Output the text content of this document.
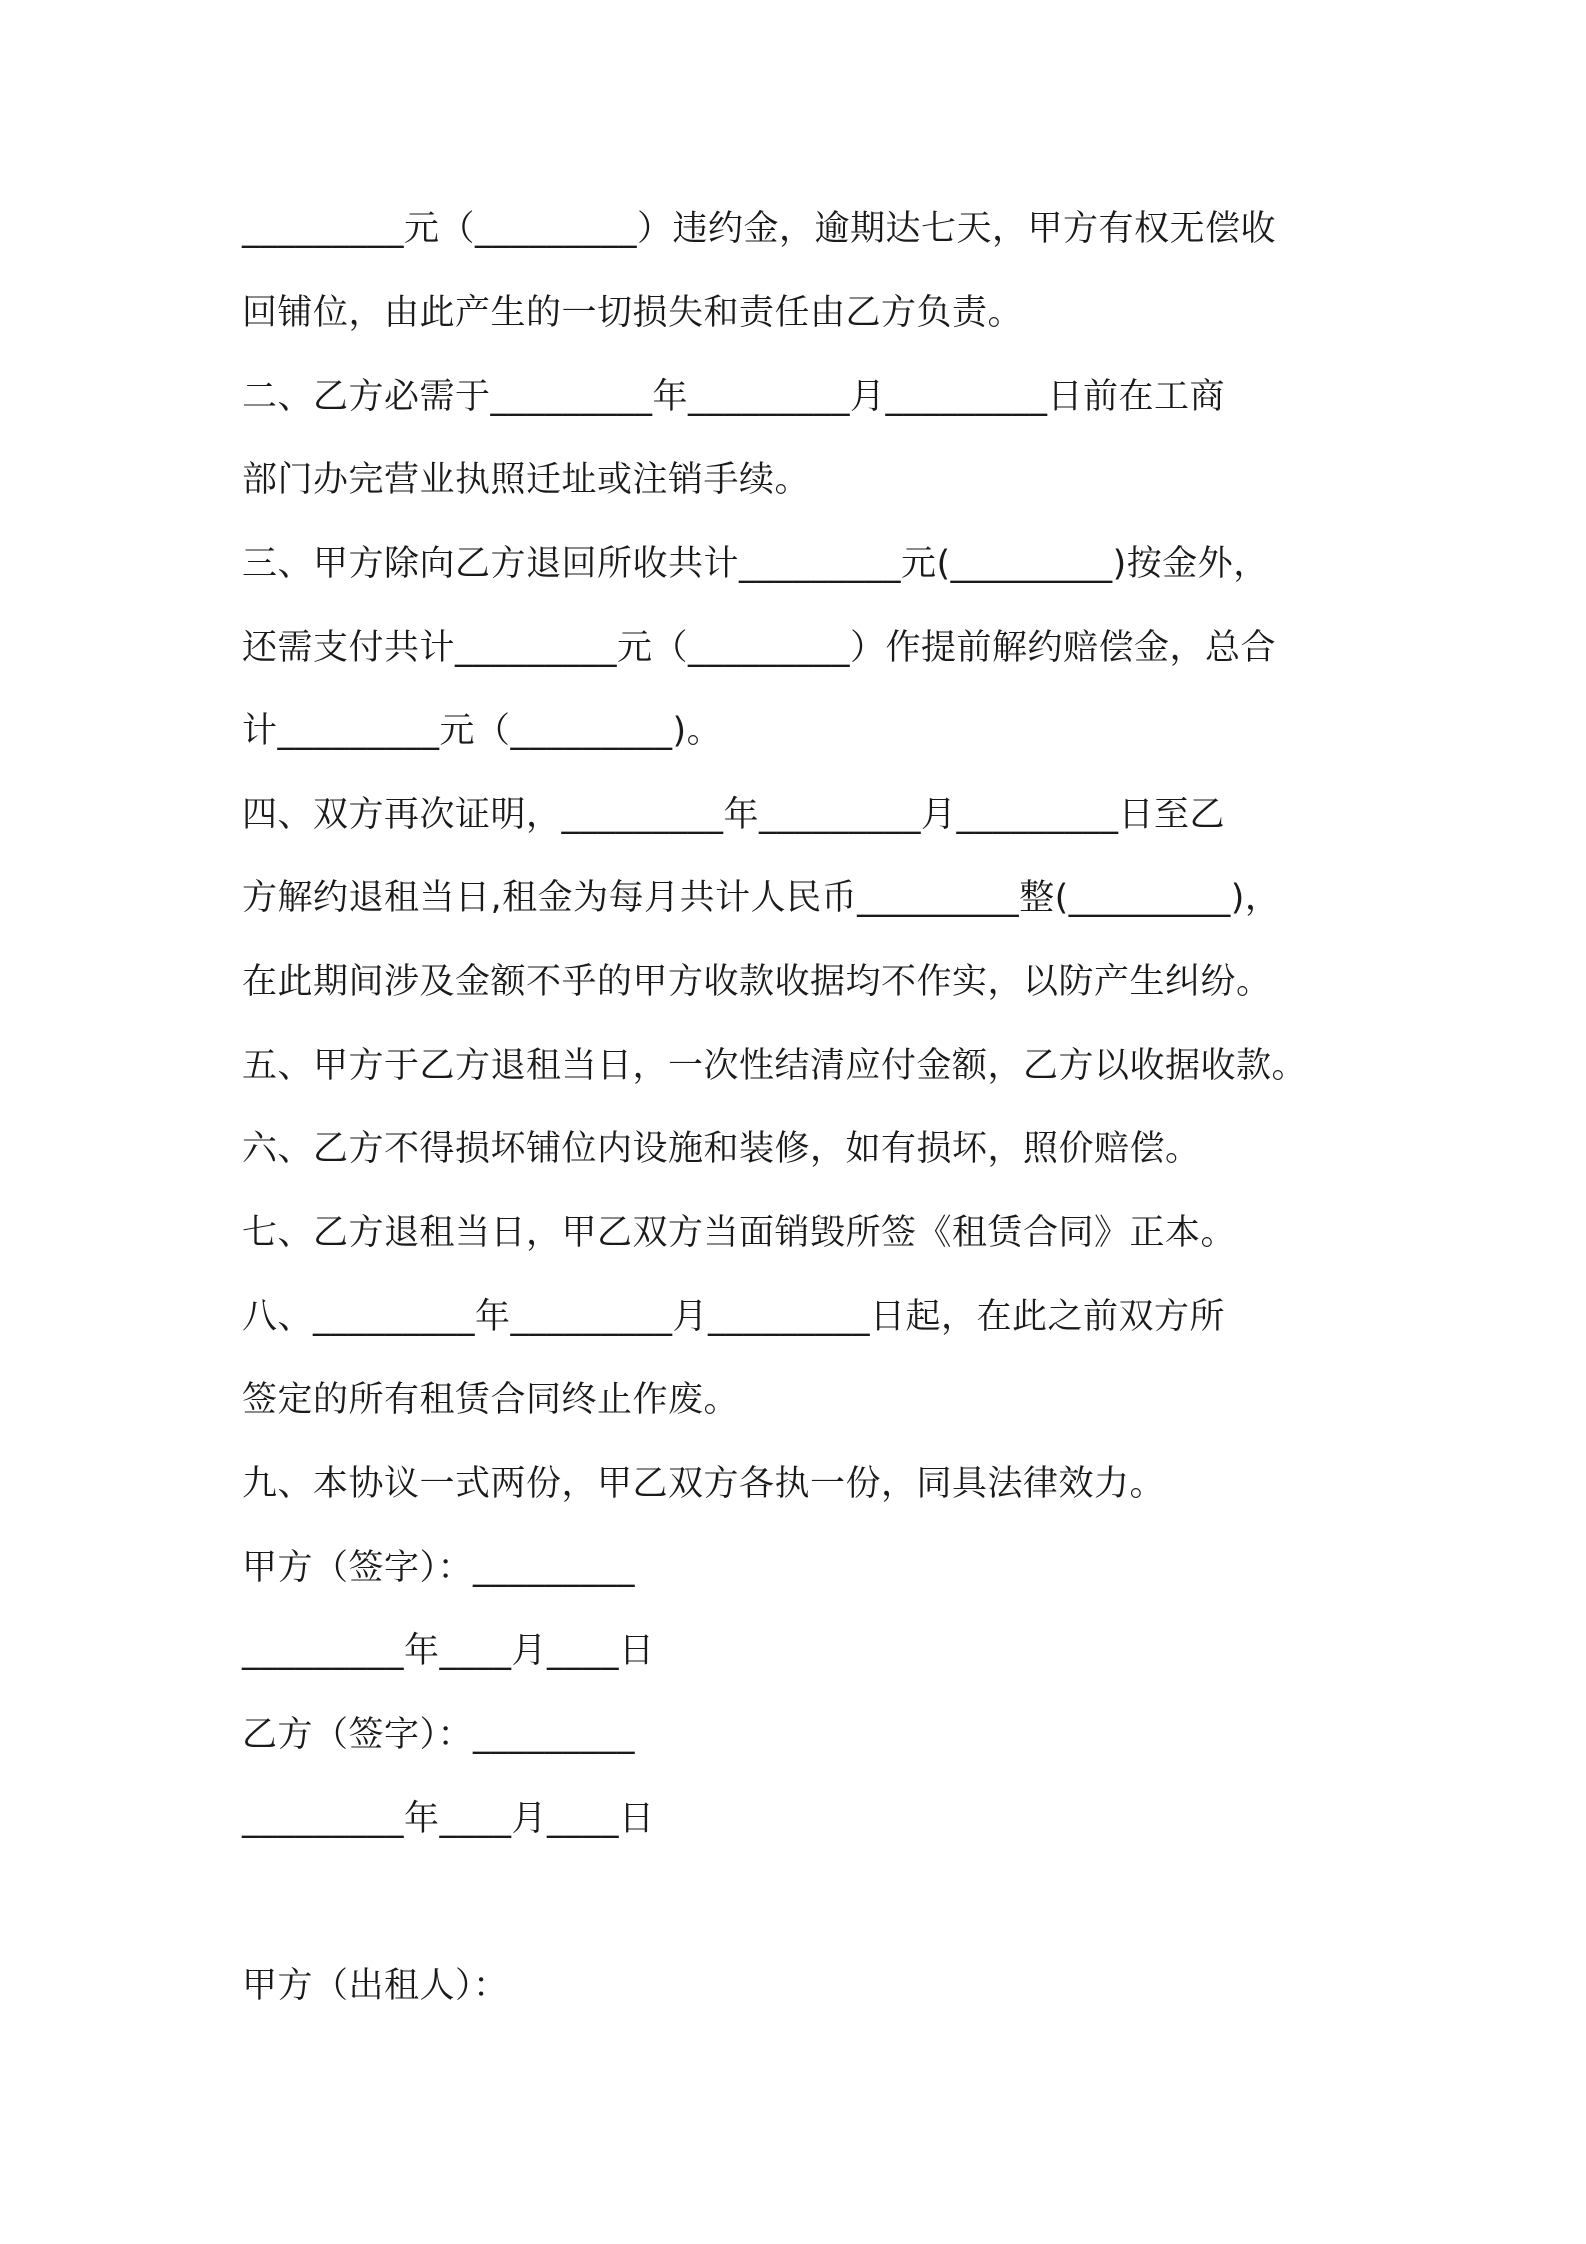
_________元（_________）违约金，逾期达七天，甲方有权无偿收

回铺位，由此产生的一切损失和责任由乙方负责。

二、乙方必需于_________年_________月_________日前在工商

部门办完营业执照迁址或注销手续。

三、甲方除向乙方退回所收共计_________元(_________)按金外，

还需支付共计_________元（_________）作提前解约赔偿金，总合

计_________元（_________)。

四、双方再次证明，_________年_________月_________日至乙

方解约退租当日,租金为每月共计人民币_________整(_________)，

在此期间涉及金额不乎的甲方收款收据均不作实，以防产生纠纷。

五、甲方于乙方退租当日，一次性结清应付金额，乙方以收据收款。

六、乙方不得损坏铺位内设施和装修，如有损坏，照价赔偿。

七、乙方退租当日，甲乙双方当面销毁所签《租赁合同》正本。

八、_________年_________月_________日起，在此之前双方所

签定的所有租赁合同终止作废。

九、本协议一式两份，甲乙双方各执一份，同具法律效力。

甲方（签字）：_________

_________年____月____日

乙方（签字）：_________

_________年____月____日

甲方（出租人）：
